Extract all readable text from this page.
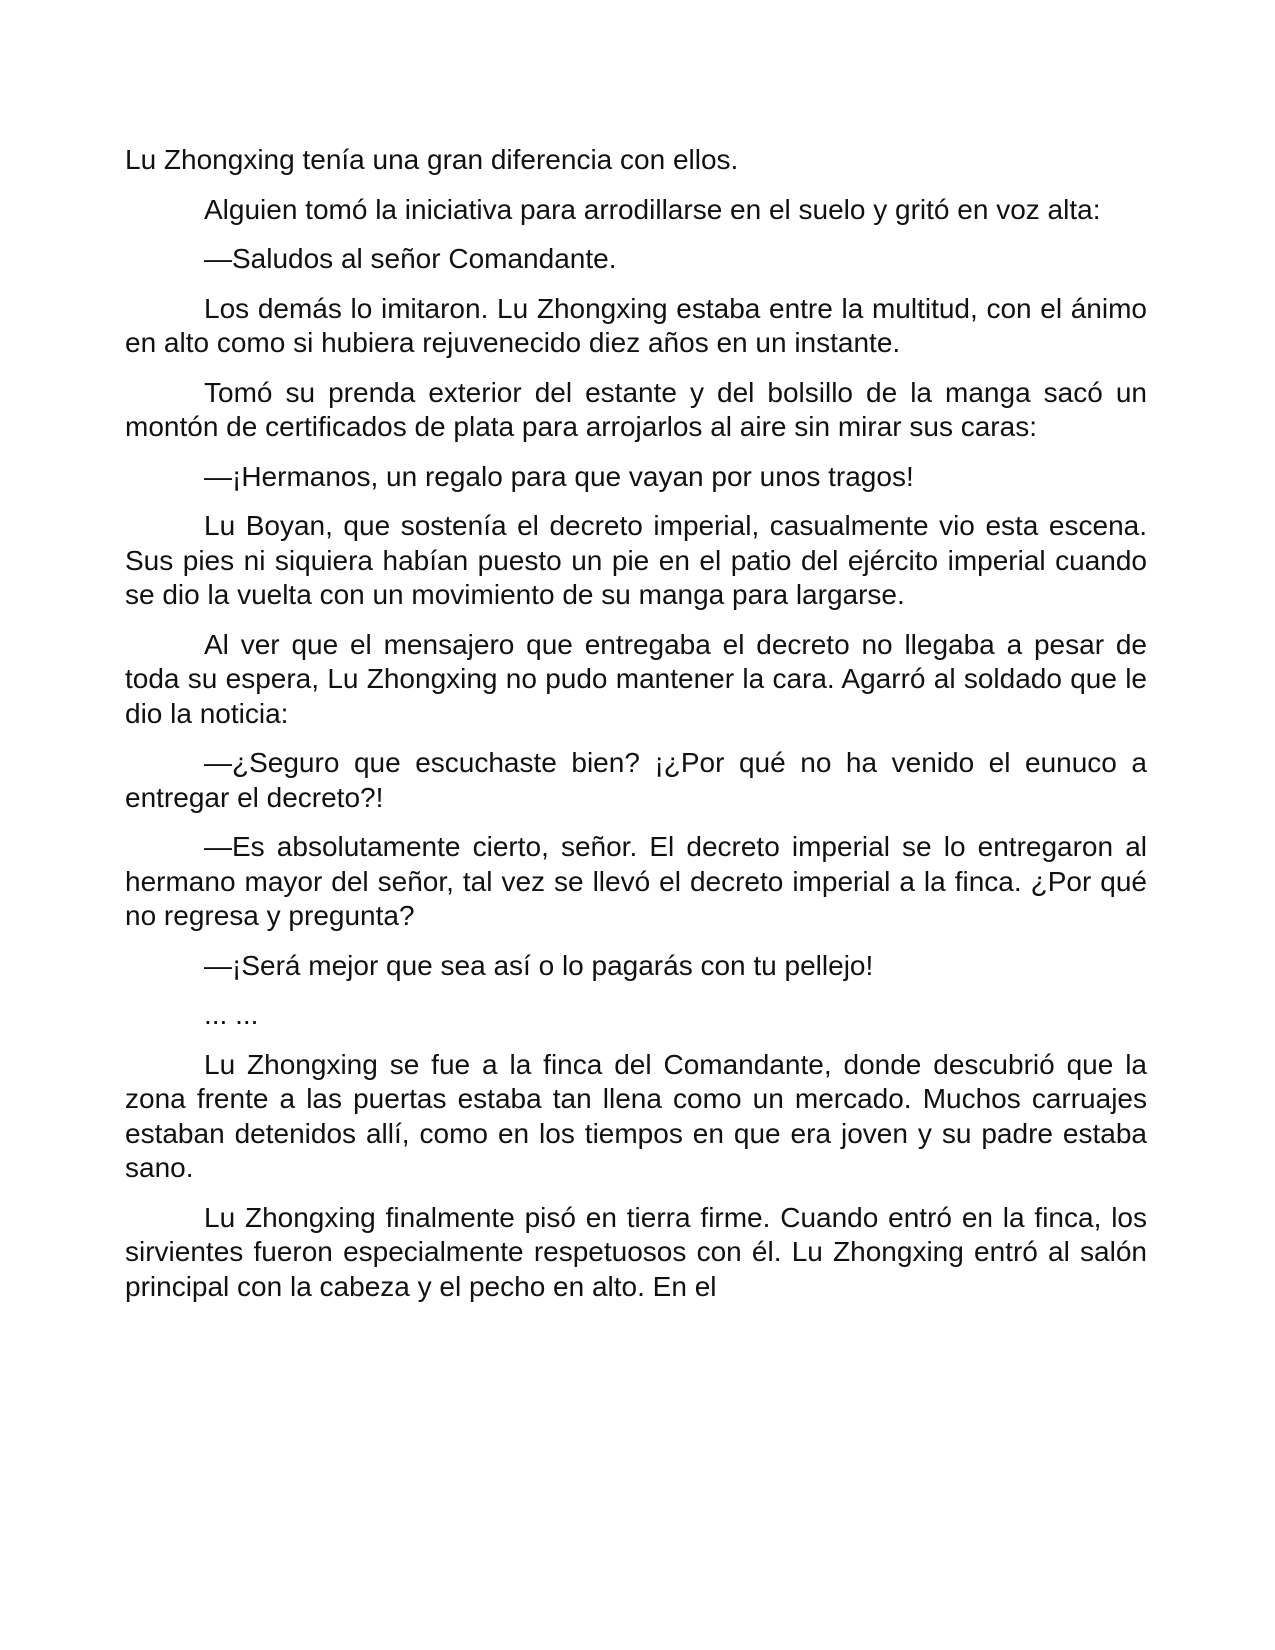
Lu Zhongxing tenía una gran diferencia con ellos.

Alguien tomó la iniciativa para arrodillarse en el suelo y gritó en voz alta:

—Saludos al señor Comandante.

Los demás lo imitaron. Lu Zhongxing estaba entre la multitud, con el ánimo en alto como si hubiera rejuvenecido diez años en un instante.

Tomó su prenda exterior del estante y del bolsillo de la manga sacó un montón de certificados de plata para arrojarlos al aire sin mirar sus caras:

—¡Hermanos, un regalo para que vayan por unos tragos!

Lu Boyan, que sostenía el decreto imperial, casualmente vio esta escena. Sus pies ni siquiera habían puesto un pie en el patio del ejército imperial cuando se dio la vuelta con un movimiento de su manga para largarse.

Al ver que el mensajero que entregaba el decreto no llegaba a pesar de toda su espera, Lu Zhongxing no pudo mantener la cara. Agarró al soldado que le dio la noticia:

—¿Seguro que escuchaste bien? ¡¿Por qué no ha venido el eunuco a entregar el decreto?!

—Es absolutamente cierto, señor. El decreto imperial se lo entregaron al hermano mayor del señor, tal vez se llevó el decreto imperial a la finca. ¿Por qué no regresa y pregunta?

—¡Será mejor que sea así o lo pagarás con tu pellejo!

... ...

Lu Zhongxing se fue a la finca del Comandante, donde descubrió que la zona frente a las puertas estaba tan llena como un mercado. Muchos carruajes estaban detenidos allí, como en los tiempos en que era joven y su padre estaba sano.

Lu Zhongxing finalmente pisó en tierra firme. Cuando entró en la finca, los sirvientes fueron especialmente respetuosos con él. Lu Zhongxing entró al salón principal con la cabeza y el pecho en alto. En el
